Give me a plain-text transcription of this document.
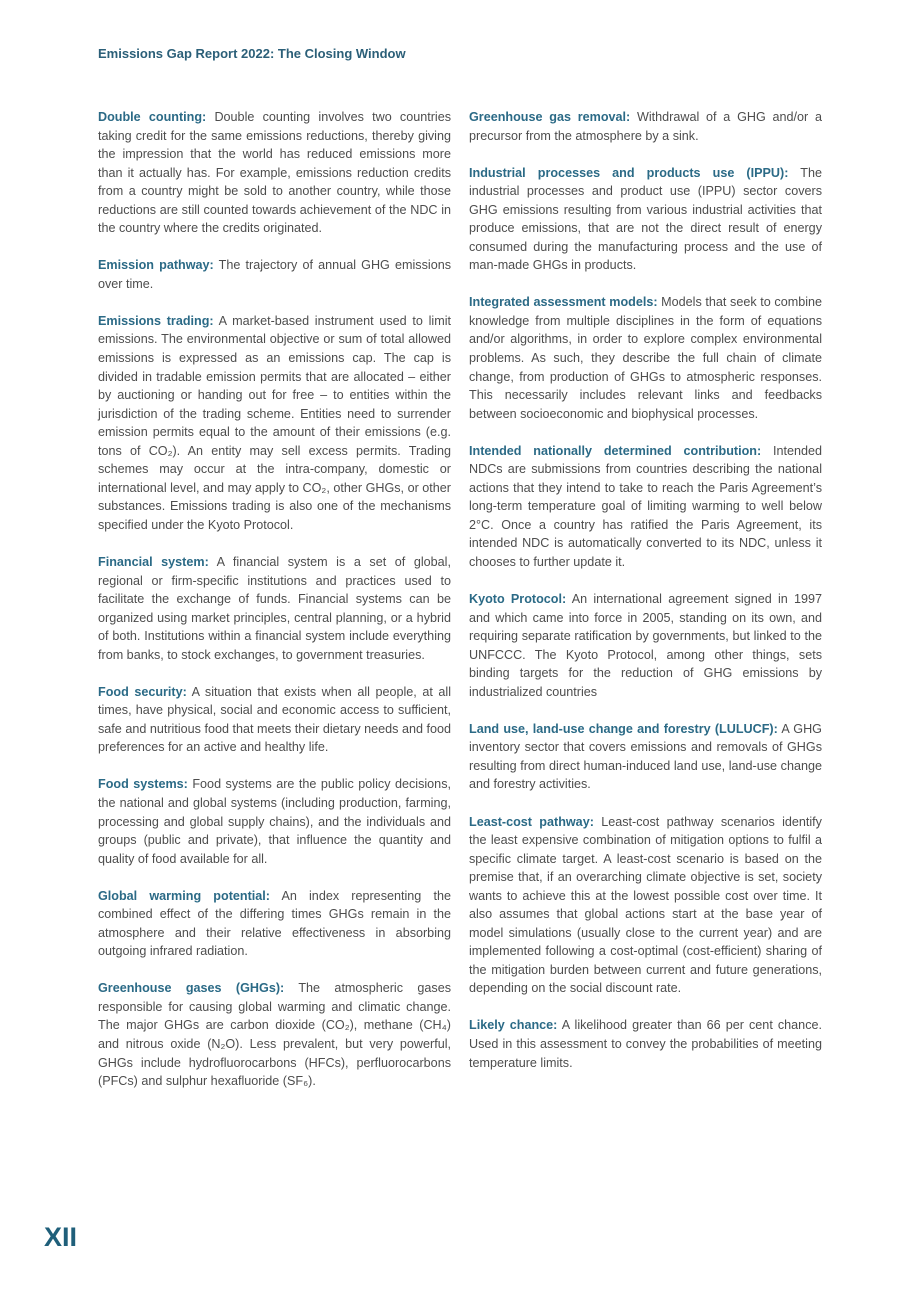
Emissions Gap Report 2022: The Closing Window

Double counting: Double counting involves two countries taking credit for the same emissions reductions, thereby giving the impression that the world has reduced emissions more than it actually has. For example, emissions reduction credits from a country might be sold to another country, while those reductions are still counted towards achievement of the NDC in the country where the credits originated.

Emission pathway: The trajectory of annual GHG emissions over time.

Emissions trading: A market-based instrument used to limit emissions. The environmental objective or sum of total allowed emissions is expressed as an emissions cap. The cap is divided in tradable emission permits that are allocated – either by auctioning or handing out for free – to entities within the jurisdiction of the trading scheme. Entities need to surrender emission permits equal to the amount of their emissions (e.g. tons of CO₂). An entity may sell excess permits. Trading schemes may occur at the intra-company, domestic or international level, and may apply to CO₂, other GHGs, or other substances. Emissions trading is also one of the mechanisms specified under the Kyoto Protocol.

Financial system: A financial system is a set of global, regional or firm-specific institutions and practices used to facilitate the exchange of funds. Financial systems can be organized using market principles, central planning, or a hybrid of both. Institutions within a financial system include everything from banks, to stock exchanges, to government treasuries.

Food security: A situation that exists when all people, at all times, have physical, social and economic access to sufficient, safe and nutritious food that meets their dietary needs and food preferences for an active and healthy life.

Food systems: Food systems are the public policy decisions, the national and global systems (including production, farming, processing and global supply chains), and the individuals and groups (public and private), that influence the quantity and quality of food available for all.

Global warming potential: An index representing the combined effect of the differing times GHGs remain in the atmosphere and their relative effectiveness in absorbing outgoing infrared radiation.

Greenhouse gases (GHGs): The atmospheric gases responsible for causing global warming and climatic change. The major GHGs are carbon dioxide (CO₂), methane (CH₄) and nitrous oxide (N₂O). Less prevalent, but very powerful, GHGs include hydrofluorocarbons (HFCs), perfluorocarbons (PFCs) and sulphur hexafluoride (SF₆).

Greenhouse gas removal: Withdrawal of a GHG and/or a precursor from the atmosphere by a sink.

Industrial processes and products use (IPPU): The industrial processes and product use (IPPU) sector covers GHG emissions resulting from various industrial activities that produce emissions, that are not the direct result of energy consumed during the manufacturing process and the use of man-made GHGs in products.

Integrated assessment models: Models that seek to combine knowledge from multiple disciplines in the form of equations and/or algorithms, in order to explore complex environmental problems. As such, they describe the full chain of climate change, from production of GHGs to atmospheric responses. This necessarily includes relevant links and feedbacks between socioeconomic and biophysical processes.

Intended nationally determined contribution: Intended NDCs are submissions from countries describing the national actions that they intend to take to reach the Paris Agreement’s long-term temperature goal of limiting warming to well below 2°C. Once a country has ratified the Paris Agreement, its intended NDC is automatically converted to its NDC, unless it chooses to further update it.

Kyoto Protocol: An international agreement signed in 1997 and which came into force in 2005, standing on its own, and requiring separate ratification by governments, but linked to the UNFCCC. The Kyoto Protocol, among other things, sets binding targets for the reduction of GHG emissions by industrialized countries

Land use, land-use change and forestry (LULUCF): A GHG inventory sector that covers emissions and removals of GHGs resulting from direct human-induced land use, land-use change and forestry activities.

Least-cost pathway: Least-cost pathway scenarios identify the least expensive combination of mitigation options to fulfil a specific climate target. A least-cost scenario is based on the premise that, if an overarching climate objective is set, society wants to achieve this at the lowest possible cost over time. It also assumes that global actions start at the base year of model simulations (usually close to the current year) and are implemented following a cost-optimal (cost-efficient) sharing of the mitigation burden between current and future generations, depending on the social discount rate.

Likely chance: A likelihood greater than 66 per cent chance. Used in this assessment to convey the probabilities of meeting temperature limits.

XII
